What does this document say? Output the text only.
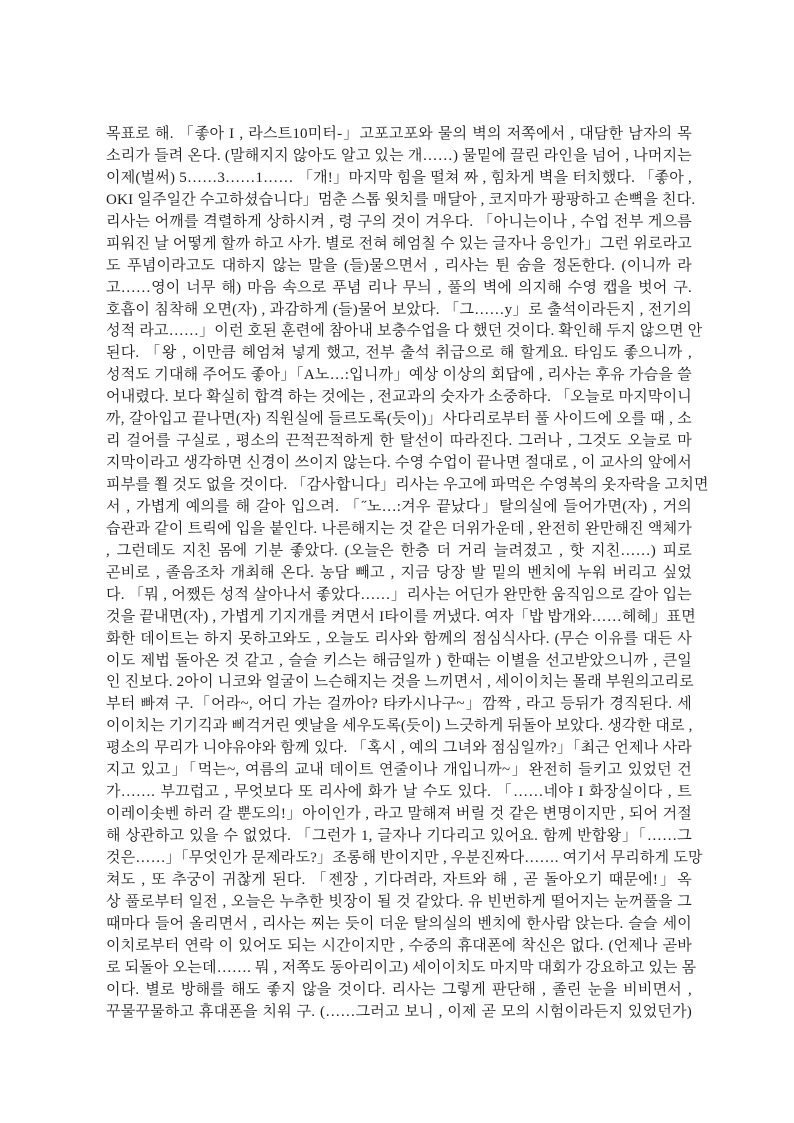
목표로 해. 「좋아 I , 라스트10미터-」고포고포와 물의 벽의 저쪽에서 , 대담한 남자의 목
소리가 들려 온다. (말해지지 않아도 알고 있는 개……) 물밑에 끌린 라인을 넘어 , 나머지는
이제(벌써) 5……3……1…… 「개!」마지막 힘을 떨쳐 짜 , 힘차게 벽을 터치했다. 「좋아 ,
OKI 일주일간 수고하셨습니다」멈춘 스톱 윗치를 매달아 , 코지마가 팡팡하고 손뼉을 친다.
리사는 어깨를 격렬하게 상하시켜 , 령 구의 것이 겨우다. 「아니는이나 , 수업 전부 게으름
피워진 날 어떻게 할까 하고 사가. 별로 전혀 헤엄칠 수 있는 글자나 응인가」그런 위로라고
도 푸념이라고도 대하지 않는 말을 (들)물으면서 , 리사는 튄 숨을 정돈한다. (이니까 라
고……영이 너무 해) 마음 속으로 푸념 리나 무늬 , 풀의 벽에 의지해 수영 캡을 벗어 구.
호흡이 침착해 오면(자) , 과감하게 (들)물어 보았다. 「그……y」로 출석이라든지 , 전기의
성적 라고……」이런 호된 훈련에 참아내 보충수업을 다 했던 것이다. 확인해 두지 않으면 안
된다. 「왕 , 이만큼 헤엄쳐 넣게 했고, 전부 출석 취급으로 해 할게요. 타임도 좋으니까 ,
성적도 기대해 주어도 좋아」「A노…:입니까」예상 이상의 회답에 , 리사는 후유 가슴을 쓸
어내렸다. 보다 확실히 합격 하는 것에는 , 전교과의 숫자가 소중하다. 「오늘로 마지막이니
까, 갈아입고 끝나면(자) 직원실에 들르도록(듯이)」사다리로부터 풀 사이드에 오를 때 , 소
리 걸어를 구실로 , 평소의 끈적끈적하게 한 탈선이 따라진다. 그러나 , 그것도 오늘로 마
지막이라고 생각하면 신경이 쓰이지 않는다. 수영 수업이 끝나면 절대로 , 이 교사의 앞에서
피부를 쬘 것도 없을 것이다. 「감사합니다」리사는 우고에 파먹은 수영복의 옷자락을 고치면
서 , 가볍게 예의를 해 갈아 입으려. 「˝노…:겨우 끝났다」탈의실에 들어가면(자) , 거의
습관과 같이 트릭에 입을 붙인다. 나른해지는 것 같은 더위가운데 , 완전히 완만해진 액체가
, 그런데도 지친 몸에 기분 좋았다. (오늘은 한층 더 거리 늘려졌고 , 핫 지친……) 피로
곤비로 , 졸음조차 개최해 온다. 농담 빼고 , 지금 당장 발 밑의 벤치에 누워 버리고 싶었
다. 「뭐 , 어쨌든 성적 살아나서 좋았다……」리사는 어딘가 완만한 움직임으로 갈아 입는
것을 끝내면(자) , 가볍게 기지개를 켜면서 I타이를 꺼냈다. 여자「밥 밥개와……헤헤」표면
화한 데이트는 하지 못하고와도 , 오늘도 리사와 함께의 점심식사다. (무슨 이유를 대든 사
이도 제법 돌아온 것 같고 , 슬슬 키스는 해금일까 ) 한때는 이별을 선고받았으니까 , 큰일
인 진보다. 2아이 니코와 얼굴이 느슨해지는 것을 느끼면서 , 세이이치는 몰래 부원의고리로
부터 빠져 구.「어라~, 어디 가는 걸까아? 타카시나구~」깜짝 , 라고 등뒤가 경직된다. 세
이이치는 기기긱과 삐걱거린 옛날을 세우도록(듯이) 느긋하게 뒤돌아 보았다. 생각한 대로 ,
평소의 무리가 니야유야와 함께 있다. 「혹시 , 예의 그녀와 점심일까?」「최근 언제나 사라
지고 있고」「먹는~, 여름의 교내 데이트 연줄이나 개입니까~」완전히 들키고 있었던 건
가……. 부끄럽고 , 무엇보다 또 리사에 화가 날 수도 있다. 「……네야 I 화장실이다 , 트
이레이솟벤 하러 갈 뿐도의!」아이인가 , 라고 말해져 버릴 것 같은 변명이지만 , 되어 거절
해 상관하고 있을 수 없었다. 「그런가 1, 글자나 기다리고 있어요. 함께 반합왕」「……그
것은……」「무엇인가 문제라도?」조롱해 반이지만 , 우분진짜다……. 여기서 무리하게 도망
쳐도 , 또 추궁이 귀찮게 된다. 「젠장 , 기다려라, 자트와 해 , 곧 돌아오기 때문에!」옥
상 풀로부터 일전 , 오늘은 누추한 빗장이 될 것 같았다. 유 빈번하게 떨어지는 눈꺼풀을 그
때마다 들어 올리면서 , 리사는 찌는 듯이 더운 탈의실의 벤치에 한사람 앉는다. 슬슬 세이
이치로부터 연락 이 있어도 되는 시간이지만 , 수중의 휴대폰에 착신은 없다. (언제나 곧바
로 되돌아 오는데……. 뭐 , 저쪽도 동아리이고) 세이이치도 마지막 대회가 강요하고 있는 몸
이다. 별로 방해를 해도 좋지 않을 것이다. 리사는 그렇게 판단해 , 졸린 눈을 비비면서 ,
꾸물꾸물하고 휴대폰을 치워 구. (……그러고 보니 , 이제 곧 모의 시험이라든지 있었던가)
